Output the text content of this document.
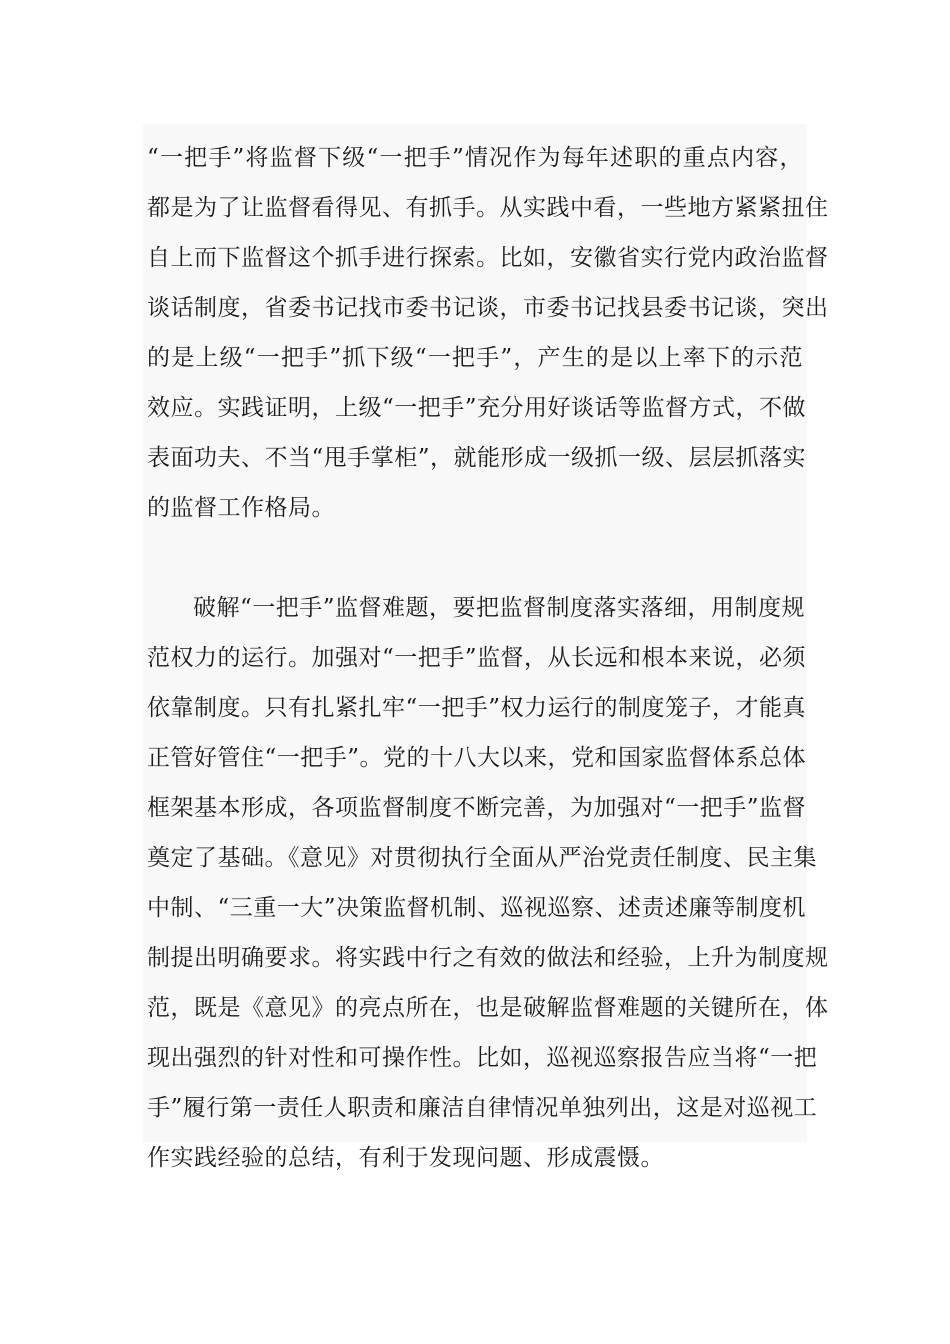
“一把手”将监督下级“一把手”情况作为每年述职的重点内容，
都是为了让监督看得见、有抓手。从实践中看，一些地方紧紧扭住
自上而下监督这个抓手进行探索。比如，安徽省实行党内政治监督
谈话制度，省委书记找市委书记谈，市委书记找县委书记谈，突出
的是上级“一把手”抓下级“一把手”，产生的是以上率下的示范
效应。实践证明，上级“一把手”充分用好谈话等监督方式，不做
表面功夫、不当“甩手掌柜”，就能形成一级抓一级、层层抓落实
的监督工作格局。
破解“一把手”监督难题，要把监督制度落实落细，用制度规
范权力的运行。加强对“一把手”监督，从长远和根本来说，必须
依靠制度。只有扎紧扎牢“一把手”权力运行的制度笼子，才能真
正管好管住“一把手”。党的十八大以来，党和国家监督体系总体
框架基本形成，各项监督制度不断完善，为加强对“一把手”监督
奠定了基础。《意见》对贯彻执行全面从严治党责任制度、民主集
中制、“三重一大”决策监督机制、巡视巡察、述责述廉等制度机
制提出明确要求。将实践中行之有效的做法和经验，上升为制度规
范，既是《意见》的亮点所在，也是破解监督难题的关键所在，体
现出强烈的针对性和可操作性。比如，巡视巡察报告应当将“一把
手”履行第一责任人职责和廉洁自律情况单独列出，这是对巡视工
作实践经验的总结，有利于发现问题、形成震慑。
